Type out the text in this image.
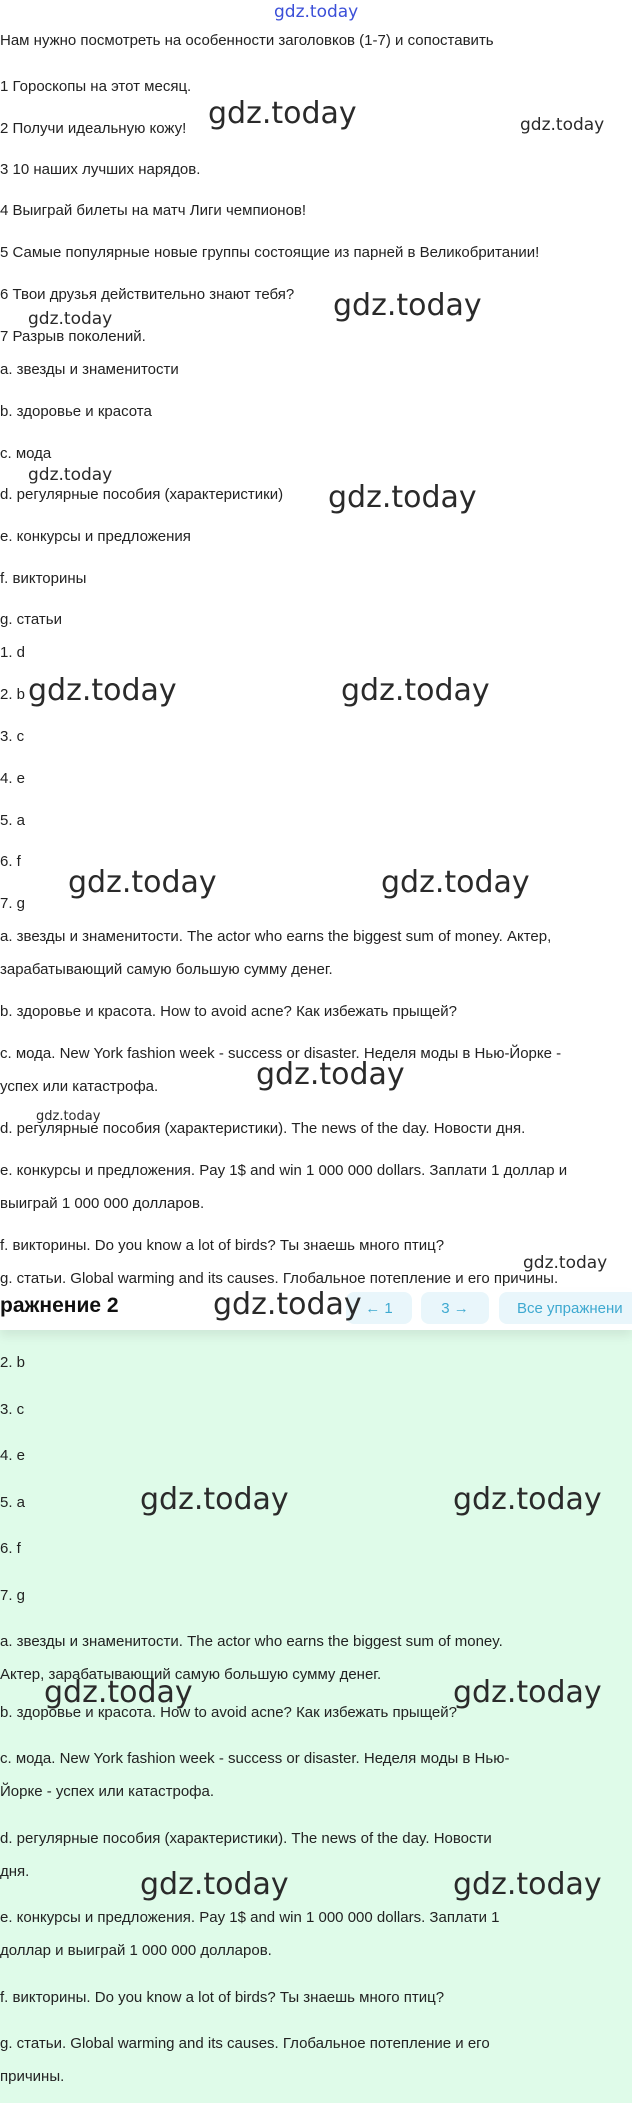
gdz.today
Нам нужно посмотреть на особенности заголовков (1-7) и сопоставить
1 Гороскопы на этот месяц.
2 Получи идеальную кожу!
3 10 наших лучших нарядов.
4 Выиграй билеты на матч Лиги чемпионов!
5 Самые популярные новые группы состоящие из парней в Великобритании!
6 Твои друзья действительно знают тебя?
7 Разрыв поколений.
a. звезды и знаменитости
b. здоровье и красота
c. мода
d. регулярные пособия (характеристики)
e. конкурсы и предложения
f. викторины
g. статьи
1. d
2. b
3. c
4. e
5. a
6. f
7. g
a. звезды и знаменитости. The actor who earns the biggest sum of money. Актер,
зарабатывающий самую большую сумму денег.
b. здоровье и красота. How to avoid acne? Как избежать прыщей?
c. мода. New York fashion week - success or disaster. Неделя моды в Нью-Йорке -
успех или катастрофа.
d. регулярные пособия (характеристики). The news of the day. Новости дня.
e. конкурсы и предложения. Pay 1$ and win 1 000 000 dollars. Заплати 1 доллар и
выиграй 1 000 000 долларов.
f. викторины. Do you know a lot of birds? Ты знаешь много птиц?
g. статьи. Global warming and its causes. Глобальное потепление и его причины.
gdz.today	gdz.today
gdz.today
gdz.today
gdz.today
gdz.today
gdz.today	gdz.today
gdz.today	gdz.today
gdz.today
gdz.today
gdz.today
2. b
3. c
4. e
5. a
6. f
7. g
a. звезды и знаменитости. The actor who earns the biggest sum of money.
Актер, зарабатывающий самую большую сумму денег.
b. здоровье и красота. How to avoid acne? Как избежать прыщей?
c. мода. New York fashion week - success or disaster. Неделя моды в Нью-
Йорке - успех или катастрофа.
d. регулярные пособия (характеристики). The news of the day. Новости
дня.
e. конкурсы и предложения. Pay 1$ and win 1 000 000 dollars. Заплати 1
доллар и выиграй 1 000 000 долларов.
f. викторины. Do you know a lot of birds? Ты знаешь много птиц?
g. статьи. Global warming and its causes. Глобальное потепление и его
причины.
gdz.today	gdz.today
gdz.today	gdz.today
gdz.today	gdz.today
ражнение 2	← 1	3 →	Все упражнени
gdz.today
